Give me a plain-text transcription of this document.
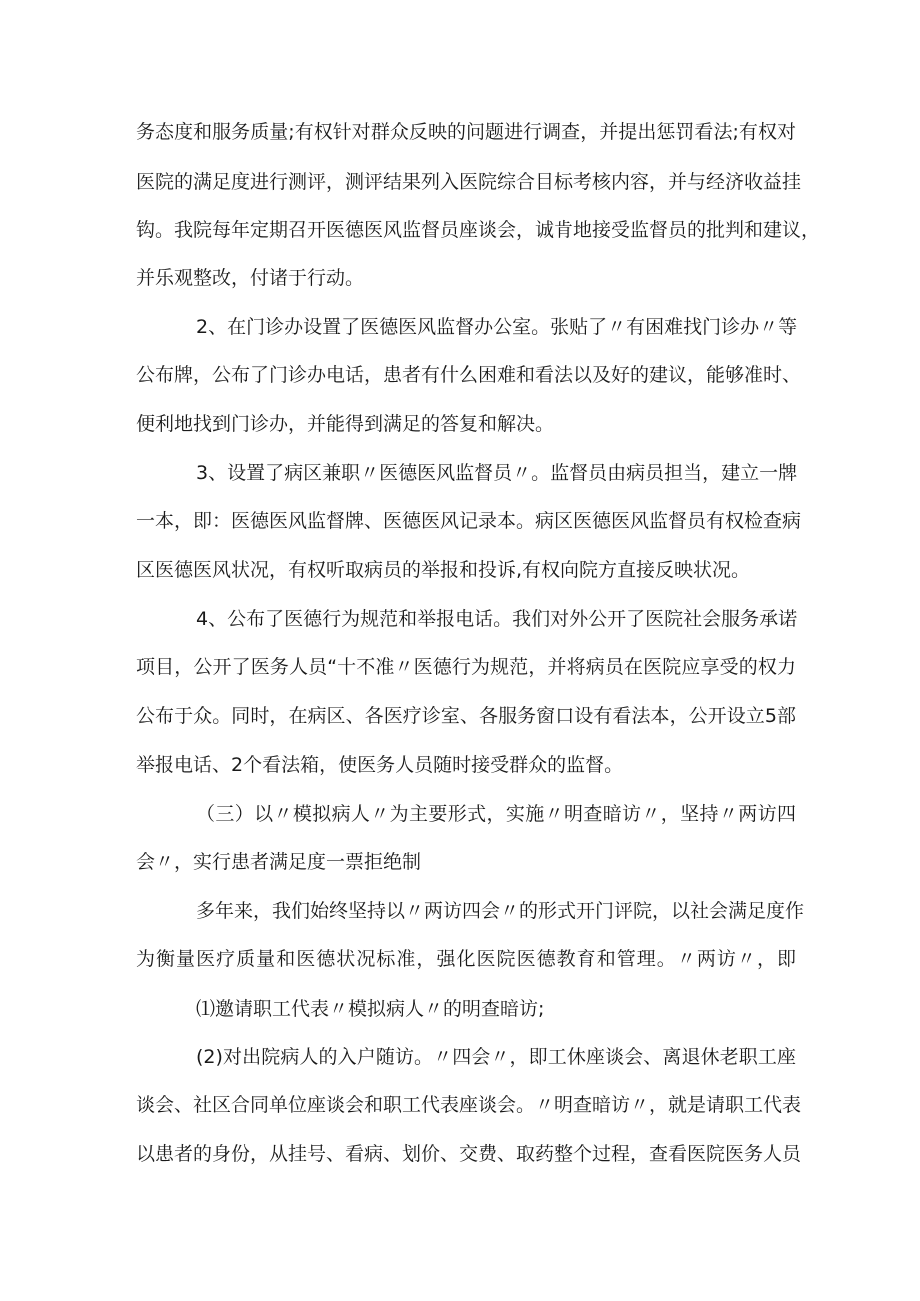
务态度和服务质量;有权针对群众反映的问题进行调查，并提出惩罚看法;有权对
医院的满足度进行测评，测评结果列入医院综合目标考核内容，并与经济收益挂
钩。我院每年定期召开医德医风监督员座谈会，诚肯地接受监督员的批判和建议，
并乐观整改，付诸于行动。
2、在门诊办设置了医德医风监督办公室。张贴了〃有困难找门诊办〃等
公布牌，公布了门诊办电话，患者有什么困难和看法以及好的建议，能够准时、
便利地找到门诊办，并能得到满足的答复和解决。
3、设置了病区兼职〃医德医风监督员〃。监督员由病员担当，建立一牌
一本，即：医德医风监督牌、医德医风记录本。病区医德医风监督员有权检查病
区医德医风状况，有权听取病员的举报和投诉,有权向院方直接反映状况。
4、公布了医德行为规范和举报电话。我们对外公开了医院社会服务承诺
项目，公开了医务人员“十不准〃医德行为规范，并将病员在医院应享受的权力
公布于众。同时，在病区、各医疗诊室、各服务窗口设有看法本，公开设立5部
举报电话、2个看法箱，使医务人员随时接受群众的监督。
（三）以〃模拟病人〃为主要形式，实施〃明查暗访〃，坚持〃两访四
会〃，实行患者满足度一票拒绝制
多年来，我们始终坚持以〃两访四会〃的形式开门评院，以社会满足度作
为衡量医疗质量和医德状况标准，强化医院医德教育和管理。〃两访〃，即
⑴邀请职工代表〃模拟病人〃的明查暗访;
(2)对出院病人的入户随访。〃四会〃，即工休座谈会、离退休老职工座
谈会、社区合同单位座谈会和职工代表座谈会。〃明查暗访〃，就是请职工代表
以患者的身份，从挂号、看病、划价、交费、取药整个过程，查看医院医务人员
